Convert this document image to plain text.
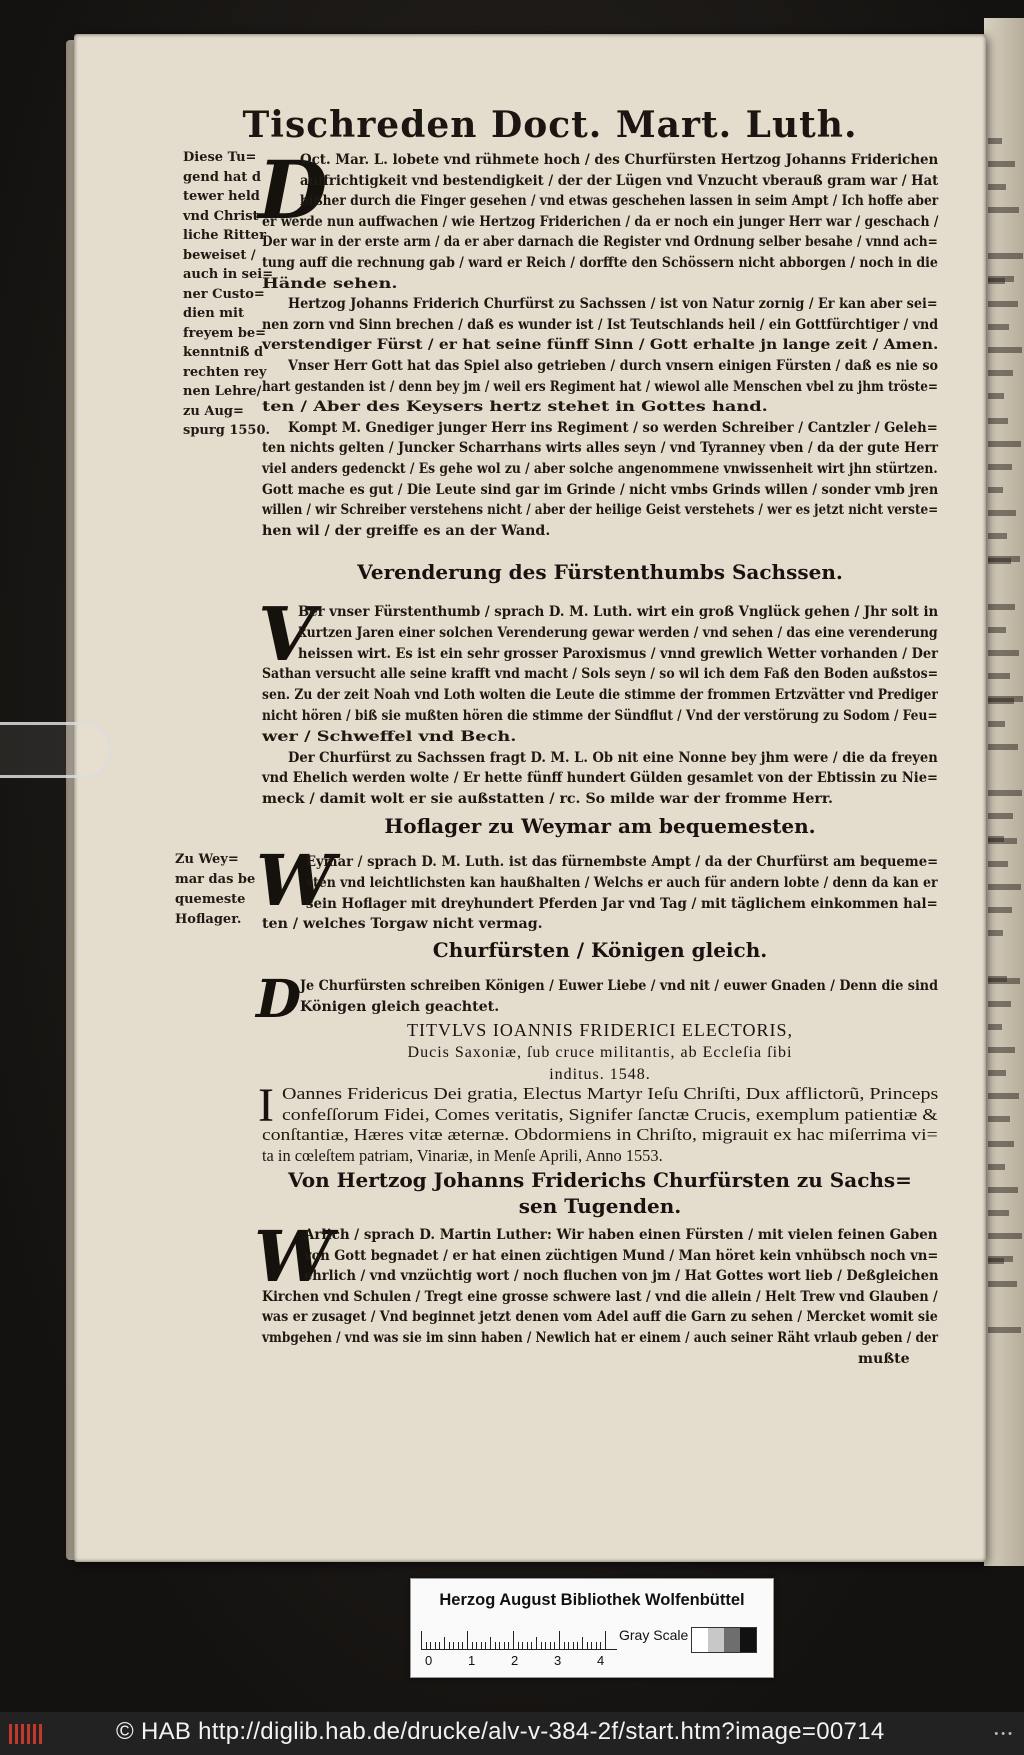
Tischreden Doct. Mart. Luth.
Diese Tu=
gend hat d
tewer held
vnd Christ
liche Ritter
beweiset /
auch in sei=
ner Custo=
dien mit
freyem be=
kenntniß d
rechten rey
nen Lehre/
zu Aug=
spurg 1550.
Zu Wey=
mar das be
quemeste
Hoflager.
D
Oct. Mar. L. lobete vnd rühmete hoch / des Churfürsten Hertzog Johanns Friderichen
auffrichtigkeit vnd bestendigkeit / der der Lügen vnd Vnzucht vberauß gram war / Hat
bißher durch die Finger gesehen / vnd etwas geschehen lassen in seim Ampt / Ich hoffe aber
er werde nun auffwachen / wie Hertzog Friderichen / da er noch ein junger Herr war / geschach /
Der war in der erste arm / da er aber darnach die Register vnd Ordnung selber besahe / vnnd ach=
tung auff die rechnung gab / ward er Reich / dorffte den Schössern nicht abborgen / noch in die
Hände sehen.
Hertzog Johanns Friderich Churfürst zu Sachssen / ist von Natur zornig / Er kan aber sei=
nen zorn vnd Sinn brechen / daß es wunder ist / Ist Teutschlands heil / ein Gottfürchtiger / vnd
verstendiger Fürst / er hat seine fünff Sinn / Gott erhalte jn lange zeit / Amen.
Vnser Herr Gott hat das Spiel also getrieben / durch vnsern einigen Fürsten / daß es nie so
hart gestanden ist / denn bey jm / weil ers Regiment hat / wiewol alle Menschen vbel zu jhm tröste=
ten / Aber des Keysers hertz stehet in Gottes hand.
Kompt M. Gnediger junger Herr ins Regiment / so werden Schreiber / Cantzler / Geleh=
ten nichts gelten / Juncker Scharrhans wirts alles seyn / vnd Tyranney vben / da der gute Herr
viel anders gedenckt / Es gehe wol zu / aber solche angenommene vnwissenheit wirt jhn stürtzen.
Gott mache es gut / Die Leute sind gar im Grinde / nicht vmbs Grinds willen / sonder vmb jren
willen / wir Schreiber verstehens nicht / aber der heilige Geist verstehets / wer es jetzt nicht verste=
hen wil / der greiffe es an der Wand.
Verenderung des Fürstenthumbs Sachssen.
V
Ber vnser Fürstenthumb / sprach D. M. Luth. wirt ein groß Vnglück gehen / Jhr solt in
kurtzen Jaren einer solchen Verenderung gewar werden / vnd sehen / das eine verenderung
heissen wirt. Es ist ein sehr grosser Paroxismus / vnnd grewlich Wetter vorhanden / Der
Sathan versucht alle seine krafft vnd macht / Sols seyn / so wil ich dem Faß den Boden außstos=
sen. Zu der zeit Noah vnd Loth wolten die Leute die stimme der frommen Ertzvätter vnd Prediger
nicht hören / biß sie mußten hören die stimme der Sündflut / Vnd der verstörung zu Sodom / Feu=
wer / Schweffel vnd Bech.
Der Churfürst zu Sachssen fragt D. M. L. Ob nit eine Nonne bey jhm were / die da freyen
vnd Ehelich werden wolte / Er hette fünff hundert Gülden gesamlet von der Ebtissin zu Nie=
meck / damit wolt er sie außstatten / rc. So milde war der fromme Herr.
Hoflager zu Weymar am bequemesten.
W
Eymar / sprach D. M. Luth. ist das fürnembste Ampt / da der Churfürst am bequeme=
sten vnd leichtlichsten kan haußhalten / Welchs er auch für andern lobte / denn da kan er
sein Hoflager mit dreyhundert Pferden Jar vnd Tag / mit täglichem einkommen hal=
ten / welches Torgaw nicht vermag.
Churfürsten / Königen gleich.
D
Je Churfürsten schreiben Königen / Euwer Liebe / vnd nit / euwer Gnaden / Denn die sind
Königen gleich geachtet.
TITVLVS IOANNIS FRIDERICI ELECTORIS,
Ducis Saxoniæ, ſub cruce militantis, ab Eccleſia ſibi
inditus. 1548.
I Oannes Fridericus Dei gratia, Electus Martyr Ieſu Chriſti, Dux afflictorũ, Princeps
confeſſorum Fidei, Comes veritatis, Signifer ſanctæ Crucis, exemplum patientiæ &
conſtantiæ, Hæres vitæ æternæ. Obdormiens in Chriſto, migrauit ex hac miſerrima vi=
ta in cœleſtem patriam, Vinariæ, in Menſe Aprili, Anno 1553.
Von Hertzog Johanns Friderichs Churfürsten zu Sachs=
sen Tugenden.
W
Arlich / sprach D. Martin Luther: Wir haben einen Fürsten / mit vielen feinen Gaben
von Gott begnadet / er hat einen züchtigen Mund / Man höret kein vnhübsch noch vn=
ehrlich / vnd vnzüchtig wort / noch fluchen von jm / Hat Gottes wort lieb / Deßgleichen
Kirchen vnd Schulen / Tregt eine grosse schwere last / vnd die allein / Helt Trew vnd Glauben /
was er zusaget / Vnd beginnet jetzt denen vom Adel auff die Garn zu sehen / Mercket womit sie
vmbgehen / vnd was sie im sinn haben / Newlich hat er einem / auch seiner Räht vrlaub geben / der
mußte
Herzog August Bibliothek Wolfenbüttel
0	1	2	3	4
Gray Scale
© HAB http://diglib.hab.de/drucke/alv-v-384-2f/start.htm?image=00714	• • •
